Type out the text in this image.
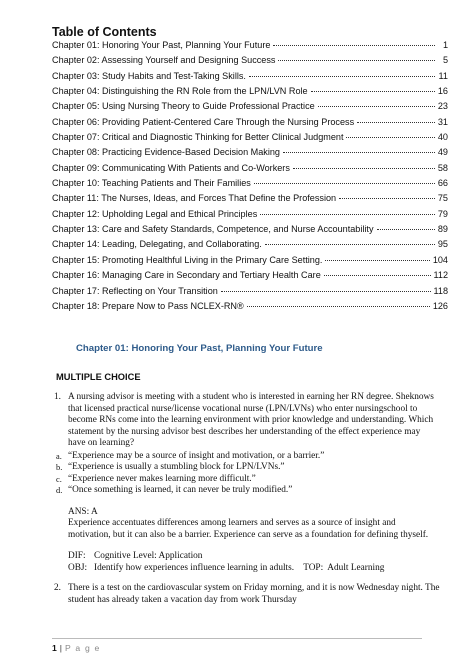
Table of Contents
Chapter 01: Honoring Your Past, Planning Your Future	1
Chapter 02: Assessing Yourself and Designing Success	5
Chapter 03: Study Habits and Test-Taking Skills.	11
Chapter 04: Distinguishing the RN Role from the LPN/LVN Role	16
Chapter 05: Using Nursing Theory to Guide Professional Practice	23
Chapter 06: Providing Patient-Centered Care Through the Nursing Process	31
Chapter 07: Critical and Diagnostic Thinking for Better Clinical Judgment	40
Chapter 08: Practicing Evidence-Based Decision Making	49
Chapter 09: Communicating With Patients and Co-Workers	58
Chapter 10: Teaching Patients and Their Families	66
Chapter 11: The Nurses, Ideas, and Forces That Define the Profession	75
Chapter 12: Upholding Legal and Ethical Principles	79
Chapter 13: Care and Safety Standards, Competence, and Nurse Accountability	89
Chapter 14: Leading, Delegating, and Collaborating.	95
Chapter 15: Promoting Healthful Living in the Primary Care Setting.	104
Chapter 16: Managing Care in Secondary and Tertiary Health Care	112
Chapter 17: Reflecting on Your Transition	118
Chapter 18: Prepare Now to Pass NCLEX-RN®	126
Chapter 01: Honoring Your Past, Planning Your Future
MULTIPLE CHOICE
1. A nursing advisor is meeting with a student who is interested in earning her RN degree. Sheknows that licensed practical nurse/license vocational nurse (LPN/LVNs) who enter nursingschool to become RNs come into the learning environment with prior knowledge and understanding. Which statement by the nursing advisor best describes her understanding of the effect experience may have on learning?
a. “Experience may be a source of insight and motivation, or a barrier.”
b. “Experience is usually a stumbling block for LPN/LVNs.”
c. “Experience never makes learning more difficult.”
d. “Once something is learned, it can never be truly modified.”
ANS: A
Experience accentuates differences among learners and serves as a source of insight and motivation, but it can also be a barrier. Experience can serve as a foundation for defining thyself.
DIF: Cognitive Level: Application
OBJ: Identify how experiences influence learning in adults.    TOP:  Adult Learning
2. There is a test on the cardiovascular system on Friday morning, and it is now Wednesday night. The student has already taken a vacation day from work Thursday
1 | P a g e
